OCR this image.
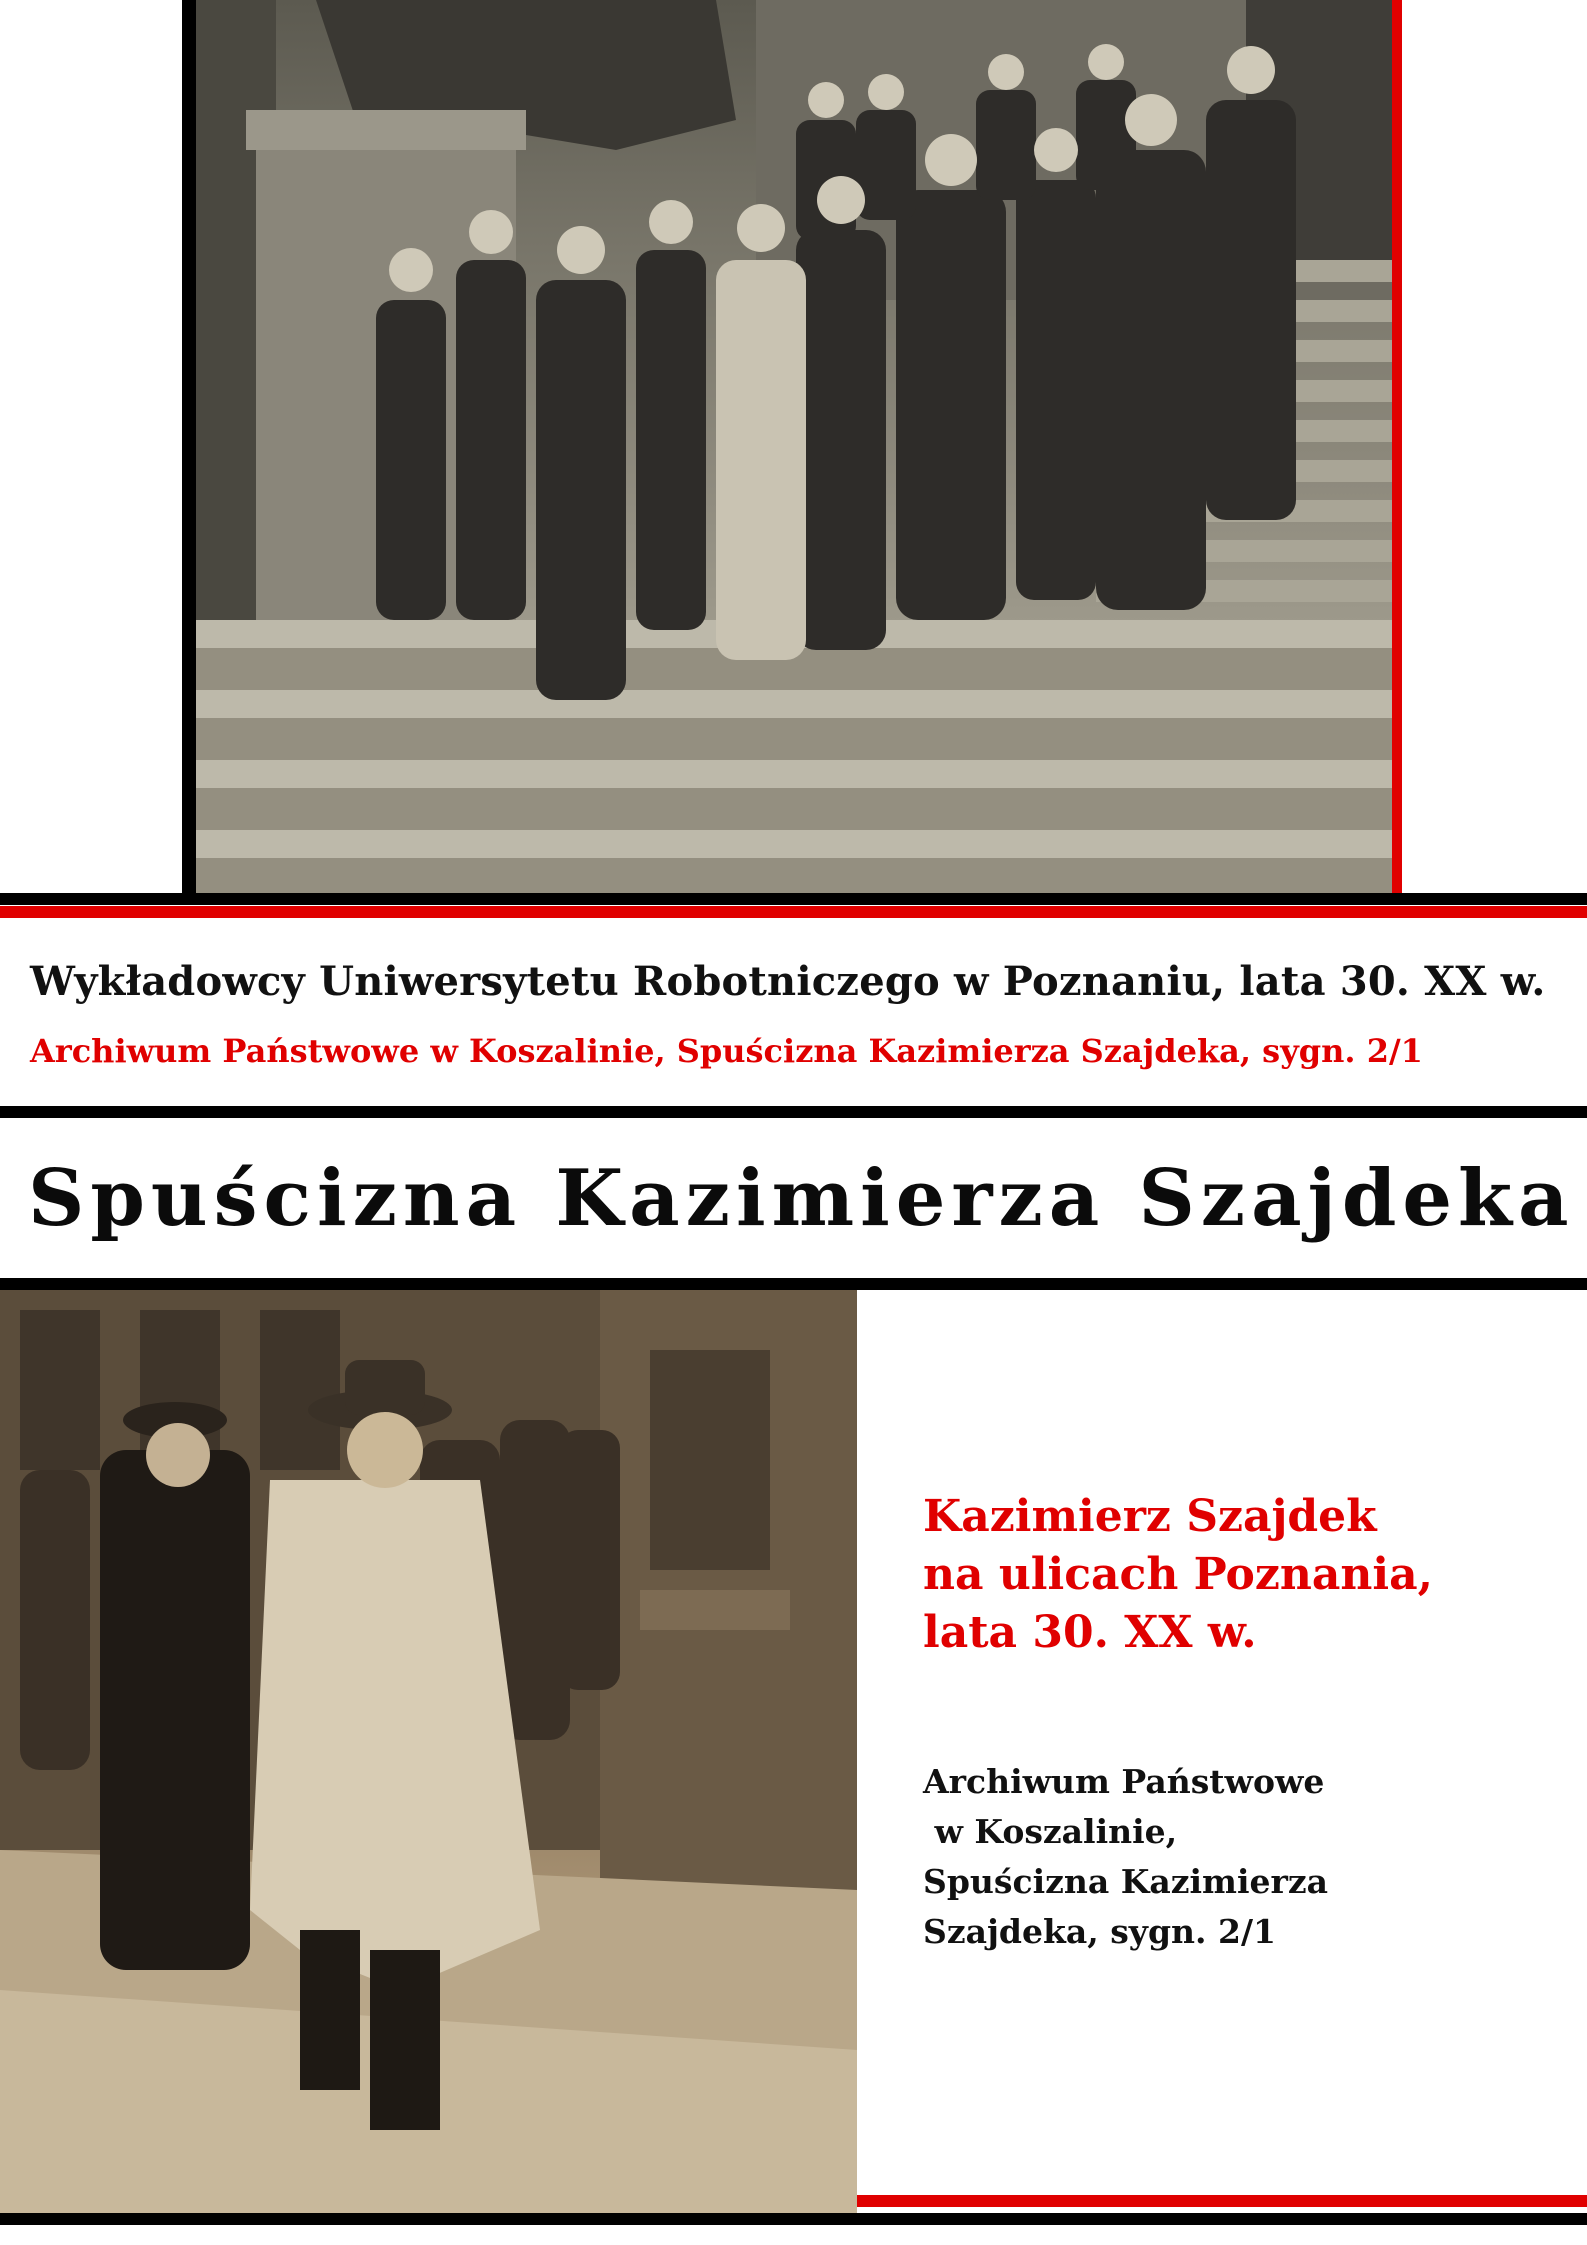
Wykładowcy Uniwersytetu Robotniczego w Poznaniu, lata 30. XX w.
Archiwum Państwowe w Koszalinie, Spuścizna Kazimierza Szajdeka, sygn. 2/1
Spuścizna Kazimierza Szajdeka
Kazimierz Szajdek
na ulicach Poznania,
lata 30. XX w.
Archiwum Państwowe
w Koszalinie,
Spuścizna Kazimierza
Szajdeka, sygn. 2/1
